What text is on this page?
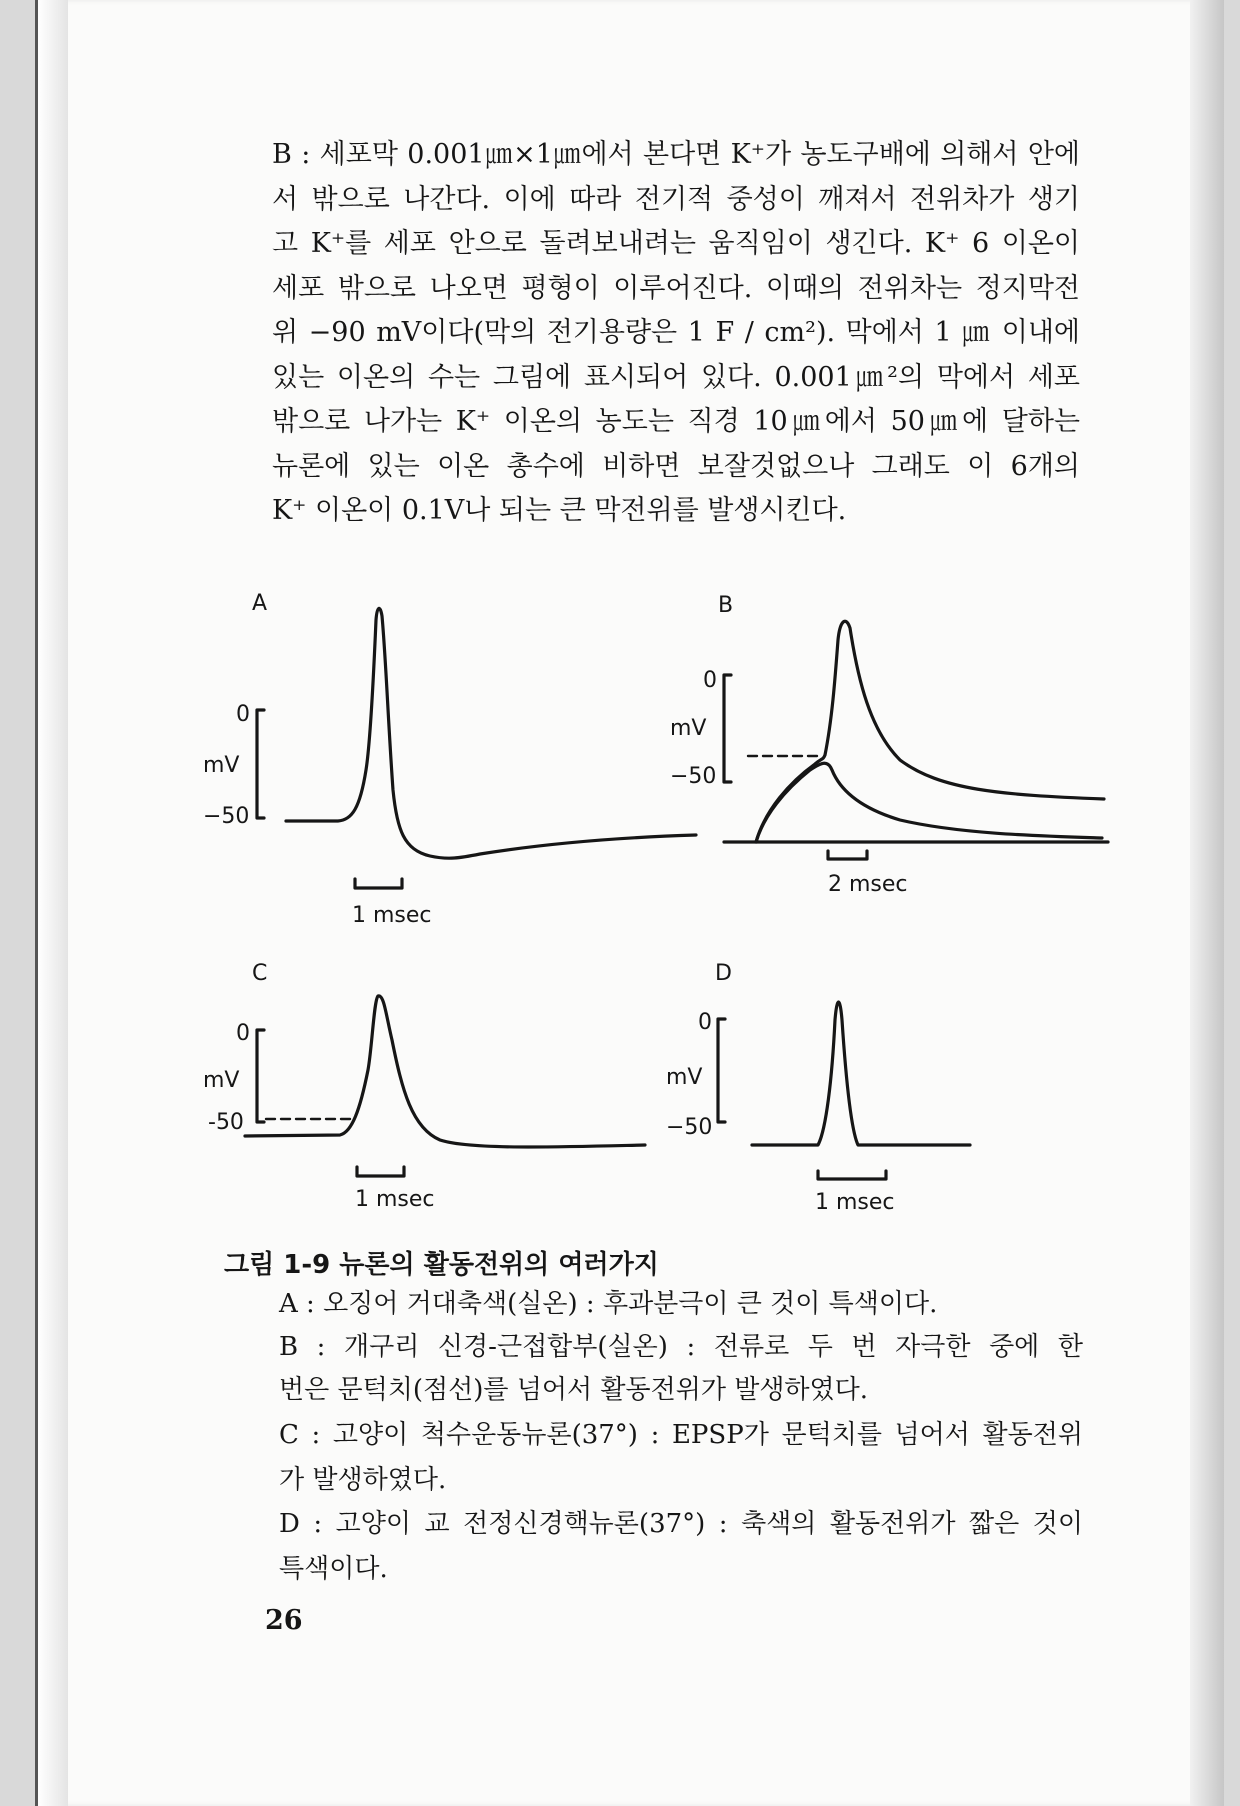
B : 세포막 0.001㎛×1㎛에서 본다면 K⁺가 농도구배에 의해서 안에
서 밖으로 나간다. 이에 따라 전기적 중성이 깨져서 전위차가 생기
고 K⁺를 세포 안으로 돌려보내려는 움직임이 생긴다. K⁺ 6 이온이
세포 밖으로 나오면 평형이 이루어진다. 이때의 전위차는 정지막전
위 −90 mV이다(막의 전기용량은 1 F / cm²). 막에서 1 ㎛ 이내에
있는 이온의 수는 그림에 표시되어 있다. 0.001㎛²의 막에서 세포
밖으로 나가는 K⁺ 이온의 농도는 직경 10㎛에서 50㎛에 달하는
뉴론에 있는 이온 총수에 비하면 보잘것없으나 그래도 이 6개의
K⁺ 이온이 0.1V나 되는 큰 막전위를 발생시킨다.
A
0
mV
−50
1 msec
B
0
mV
−50
2 msec
C
0
mV
-50
1 msec
D
0
mV
−50
1 msec
그림 1-9 뉴론의 활동전위의 여러가지
A : 오징어 거대축색(실온) : 후과분극이 큰 것이 특색이다.
B : 개구리 신경-근접합부(실온) : 전류로 두 번 자극한 중에 한
번은 문턱치(점선)를 넘어서 활동전위가 발생하였다.
C : 고양이 척수운동뉴론(37°) : EPSP가 문턱치를 넘어서 활동전위
가 발생하였다.
D : 고양이 교 전정신경핵뉴론(37°) : 축색의 활동전위가 짧은 것이
특색이다.
26
